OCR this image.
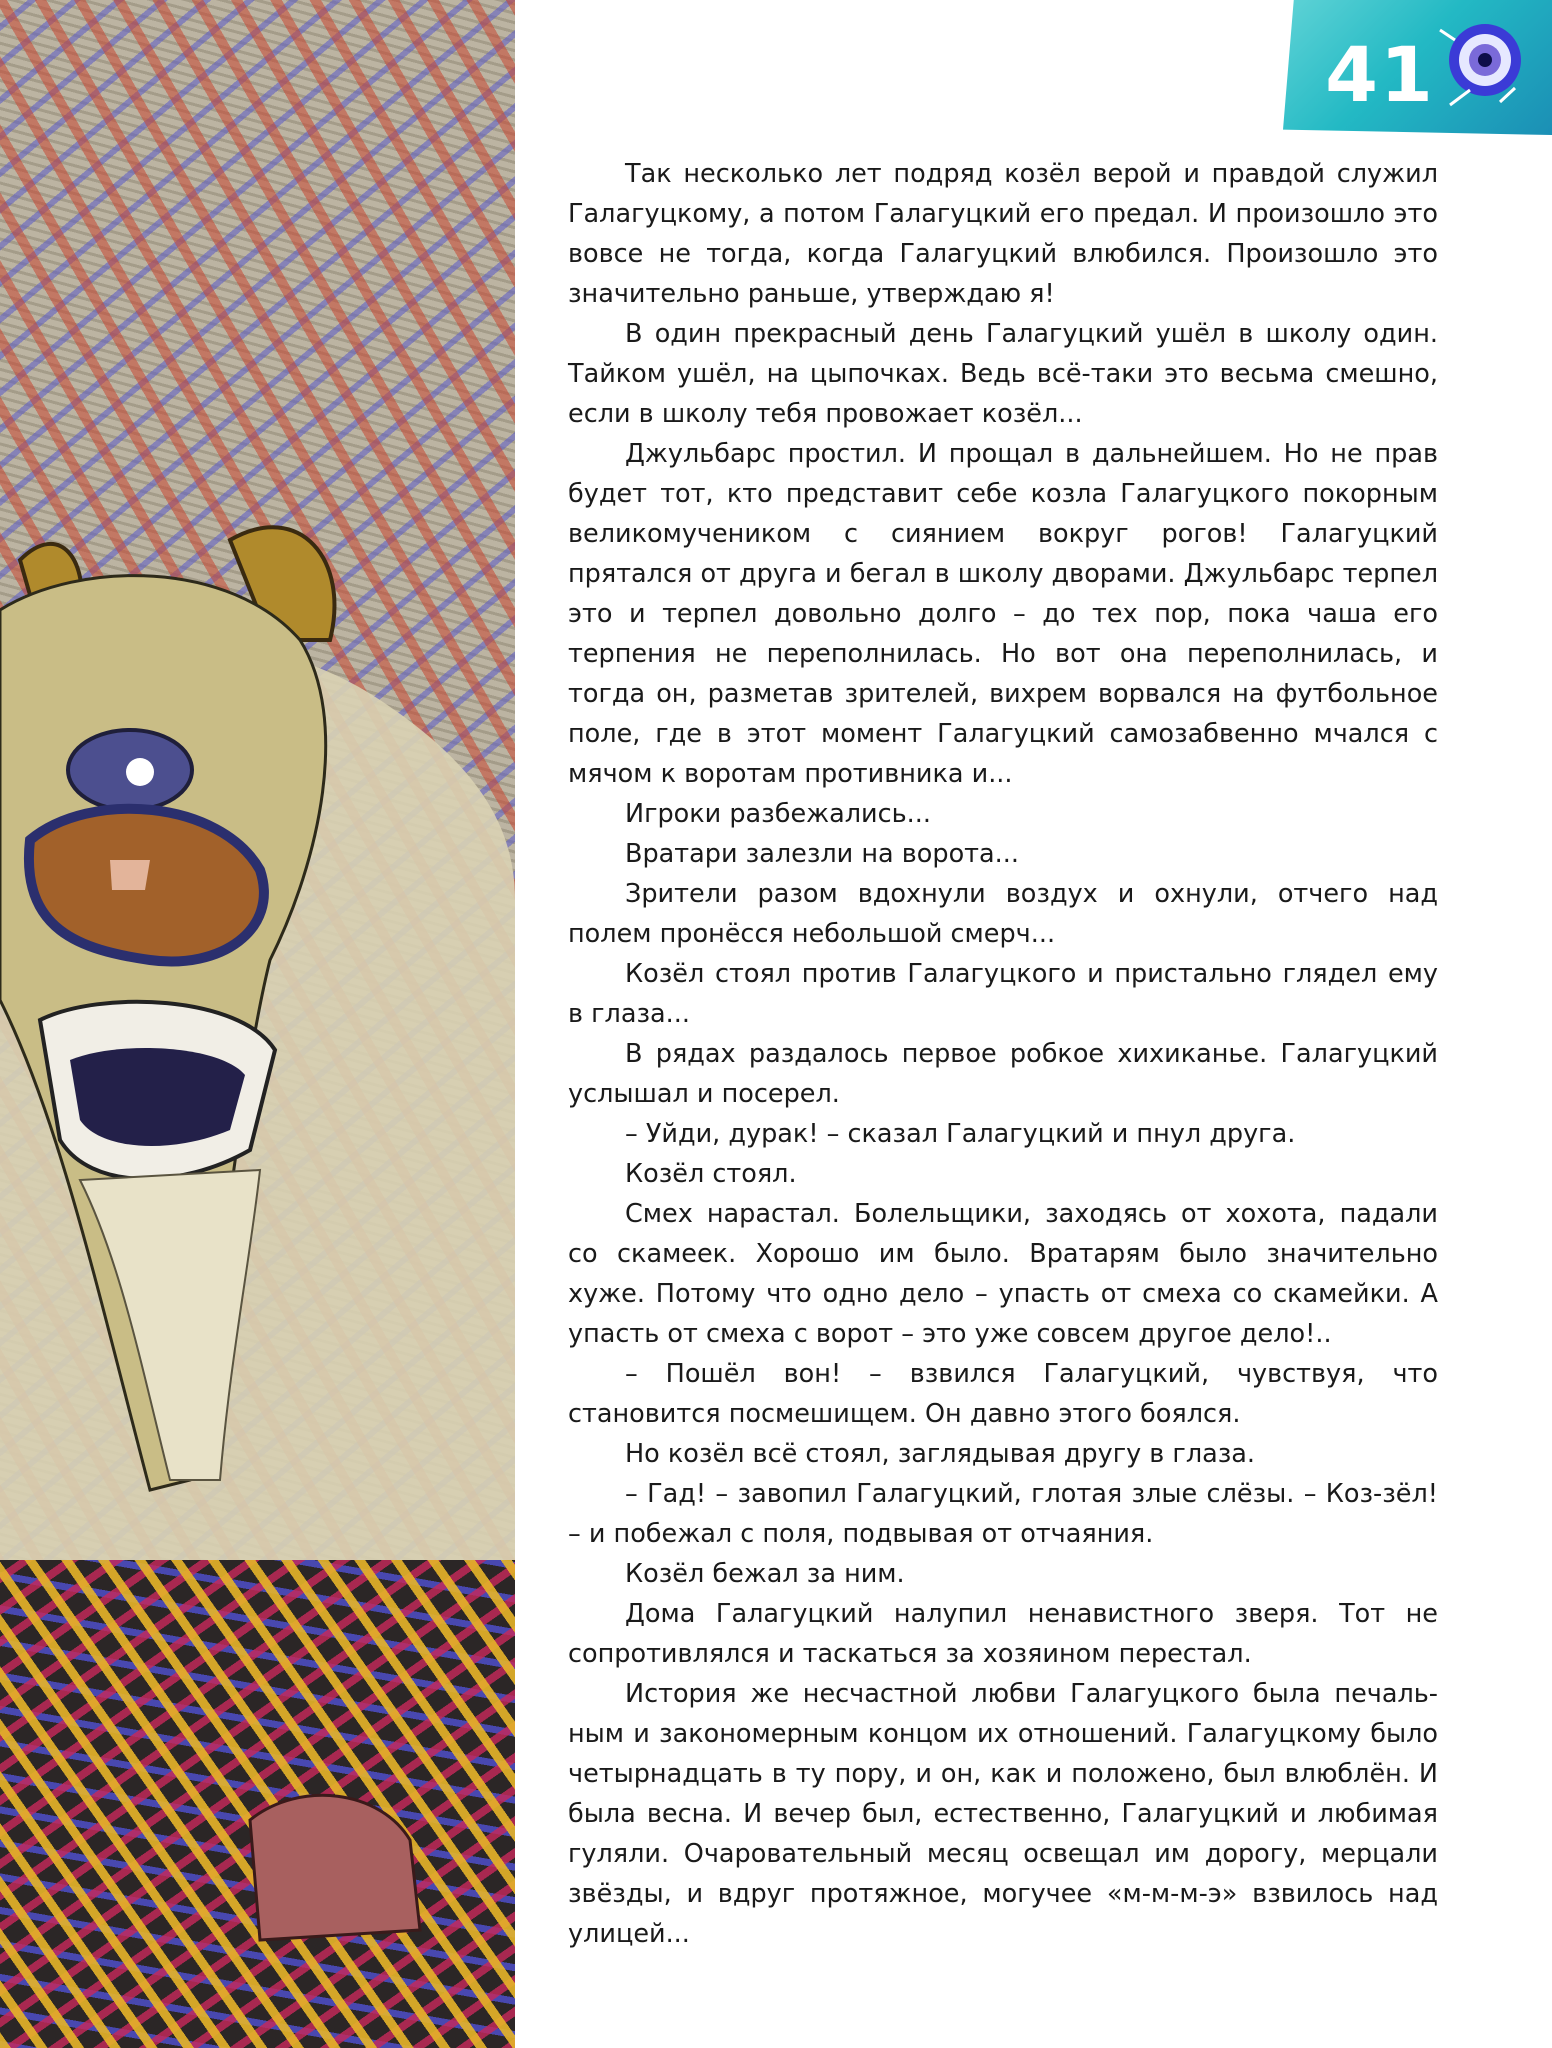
41

Так несколько лет подряд козёл верой и правдой служил Галагуцкому, а потом Галагуцкий его предал. И произошло это вовсе не тогда, когда Галагуцкий влюбился. Произошло это значительно раньше, утверждаю я!

В один прекрасный день Галагуцкий ушёл в школу один. Тайком ушёл, на цыпочках. Ведь всё-таки это весьма смешно, если в школу тебя провожает козёл...

Джульбарс простил. И прощал в дальнейшем. Но не прав будет тот, кто представит себе козла Галагуцкого покорным великомучеником с сиянием вокруг рогов! Галагуцкий прятался от друга и бегал в школу дворами. Джульбарс терпел это и терпел довольно долго – до тех пор, пока чаша его терпения не переполнилась. Но вот она переполнилась, и тогда он, разметав зрителей, вихрем ворвался на футбольное поле, где в этот момент Галагуцкий самозабвенно мчался с мячом к воротам противника и...

Игроки разбежались...

Вратари залезли на ворота...

Зрители разом вдохнули воздух и охнули, отчего над полем пронёсся небольшой смерч...

Козёл стоял против Галагуцкого и пристально глядел ему в глаза...

В рядах раздалось первое робкое хихиканье. Галагуцкий услышал и посерел.

– Уйди, дурак! – сказал Галагуцкий и пнул друга.

Козёл стоял.

Смех нарастал. Болельщики, заходясь от хохота, падали со скамеек. Хорошо им было. Вратарям было значительно хуже. Потому что одно дело – упасть от смеха со скамейки. А упасть от смеха с ворот – это уже совсем другое дело!..

– Пошёл вон! – взвился Галагуцкий, чувствуя, что становится посмешищем. Он давно этого боялся.

Но козёл всё стоял, заглядывая другу в глаза.

– Гад! – завопил Галагуцкий, глотая злые слёзы. – Коз-зёл! – и побежал с поля, подвывая от отчаяния.

Козёл бежал за ним.

Дома Галагуцкий налупил ненавистного зверя. Тот не сопротивлялся и таскаться за хозяином перестал.

История же несчастной любви Галагуцкого была печальным и закономерным концом их отношений. Галагуцкому было четырнадцать в ту пору, и он, как и положено, был влюблён. И была весна. И вечер был, естественно, Галагуцкий и любимая гуляли. Очаровательный месяц освещал им дорогу, мерцали звёзды, и вдруг протяжное, могучее «м-м-м-э» взвилось над улицей...
